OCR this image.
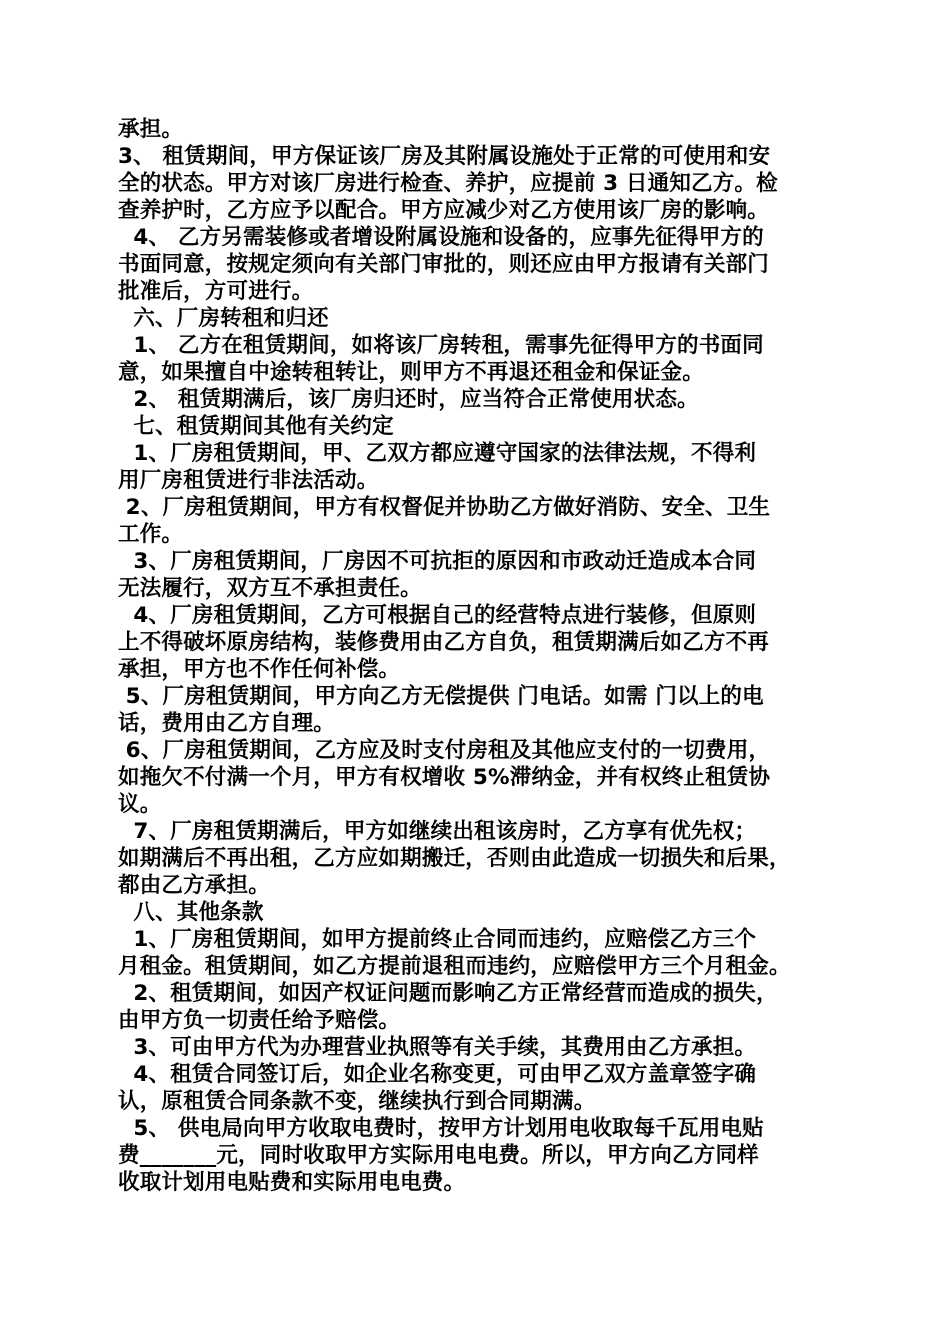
承担。
3、 租赁期间，甲方保证该厂房及其附属设施处于正常的可使用和安
全的状态。甲方对该厂房进行检查、养护，应提前 3 日通知乙方。检
查养护时，乙方应予以配合。甲方应减少对乙方使用该厂房的影响。
4、 乙方另需装修或者增设附属设施和设备的，应事先征得甲方的
书面同意，按规定须向有关部门审批的，则还应由甲方报请有关部门
批准后，方可进行。
六、厂房转租和归还
1、 乙方在租赁期间，如将该厂房转租，需事先征得甲方的书面同
意，如果擅自中途转租转让，则甲方不再退还租金和保证金。
2、 租赁期满后，该厂房归还时，应当符合正常使用状态。
七、租赁期间其他有关约定
1、厂房租赁期间，甲、乙双方都应遵守国家的法律法规，不得利
用厂房租赁进行非法活动。
2、厂房租赁期间，甲方有权督促并协助乙方做好消防、安全、卫生
工作。
3、厂房租赁期间，厂房因不可抗拒的原因和市政动迁造成本合同
无法履行，双方互不承担责任。
4、厂房租赁期间，乙方可根据自己的经营特点进行装修，但原则
上不得破坏原房结构，装修费用由乙方自负，租赁期满后如乙方不再
承担，甲方也不作任何补偿。
5、厂房租赁期间，甲方向乙方无偿提供 门电话。如需 门以上的电
话，费用由乙方自理。
6、厂房租赁期间，乙方应及时支付房租及其他应支付的一切费用，
如拖欠不付满一个月，甲方有权增收 5%滞纳金，并有权终止租赁协
议。
7、厂房租赁期满后，甲方如继续出租该房时，乙方享有优先权；
如期满后不再出租，乙方应如期搬迁，否则由此造成一切损失和后果，
都由乙方承担。
八、其他条款
1、厂房租赁期间，如甲方提前终止合同而违约，应赔偿乙方三个
月租金。租赁期间，如乙方提前退租而违约，应赔偿甲方三个月租金。
2、租赁期间，如因产权证问题而影响乙方正常经营而造成的损失，
由甲方负一切责任给予赔偿。
3、可由甲方代为办理营业执照等有关手续，其费用由乙方承担。
4、租赁合同签订后，如企业名称变更，可由甲乙双方盖章签字确
认，原租赁合同条款不变，继续执行到合同期满。
5、 供电局向甲方收取电费时，按甲方计划用电收取每千瓦用电贴
费_______元，同时收取甲方实际用电电费。所以，甲方向乙方同样
收取计划用电贴费和实际用电电费。
